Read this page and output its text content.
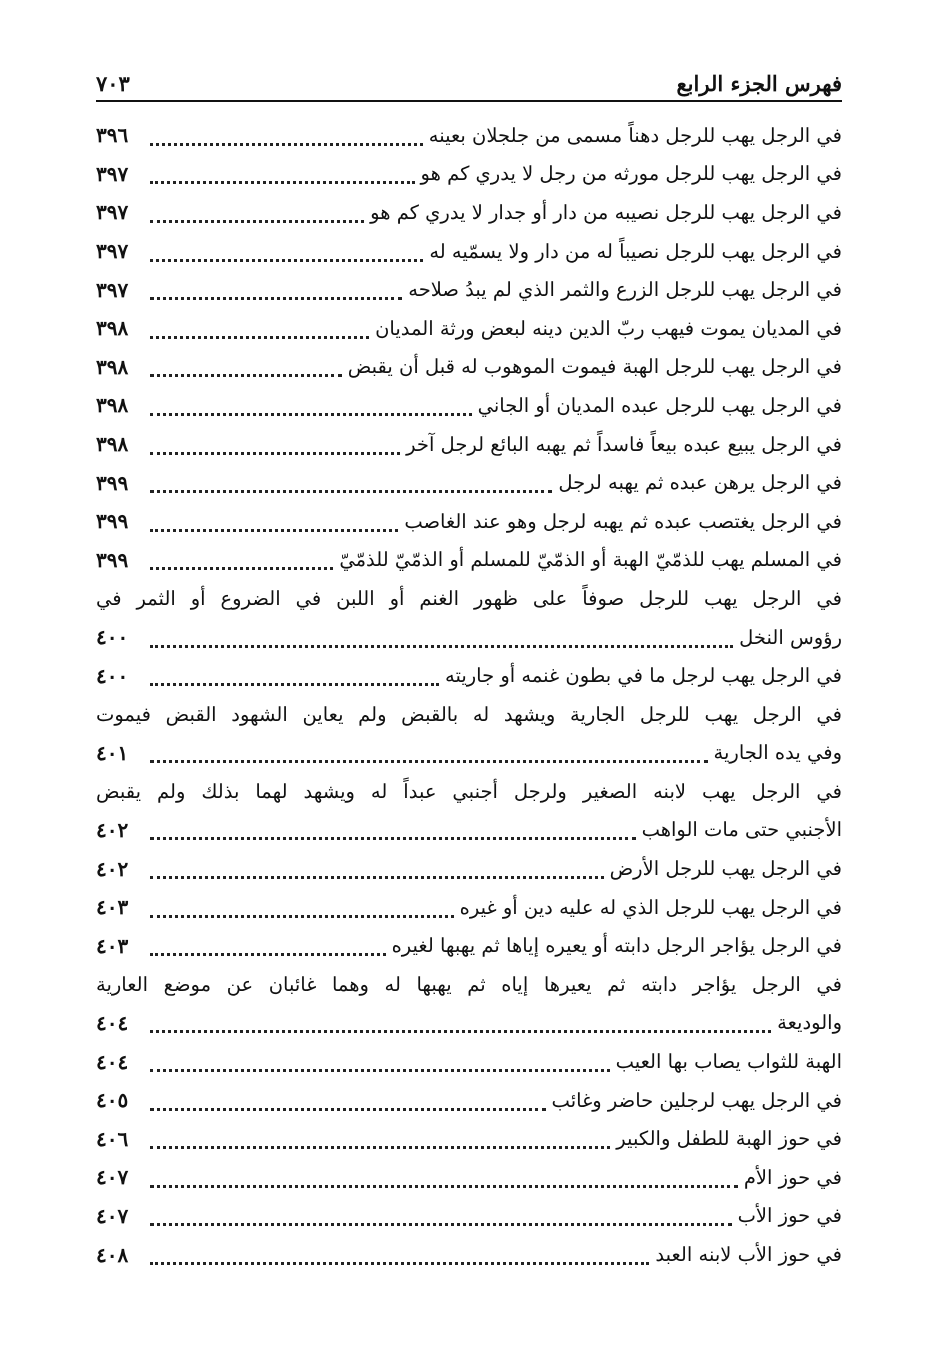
٧٠٣	فهرس الجزء الرابع
في الرجل يهب للرجل دهناً مسمى من جلجلان بعينه
٣٩٦
في الرجل يهب للرجل مورثه من رجل لا يدري كم هو
٣٩٧
في الرجل يهب للرجل نصيبه من دار أو جدار لا يدري كم هو
٣٩٧
في الرجل يهب للرجل نصيباً له من دار ولا يسمّيه له
٣٩٧
في الرجل يهب للرجل الزرع والثمر الذي لم يبدُ صلاحه
٣٩٧
في المديان يموت فيهب ربّ الدين دينه لبعض ورثة المديان
٣٩٨
في الرجل يهب للرجل الهبة فيموت الموهوب له قبل أن يقبض
٣٩٨
في الرجل يهب للرجل عبده المديان أو الجاني
٣٩٨
في الرجل يبيع عبده بيعاً فاسداً ثم يهبه البائع لرجل آخر
٣٩٨
في الرجل يرهن عبده ثم يهبه لرجل
٣٩٩
في الرجل يغتصب عبده ثم يهبه لرجل وهو عند الغاصب
٣٩٩
في المسلم يهب للذمّيّ الهبة أو الذمّيّ للمسلم أو الذمّيّ للذمّيّ
٣٩٩
في الرجل يهب للرجل صوفاً على ظهور الغنم أو اللبن في الضروع أو الثمر في
رؤوس النخل
٤٠٠
في الرجل يهب لرجل ما في بطون غنمه أو جاريته
٤٠٠
في الرجل يهب للرجل الجارية ويشهد له بالقبض ولم يعاين الشهود القبض فيموت
وفي يده الجارية
٤٠١
في الرجل يهب لابنه الصغير ولرجل أجنبي عبداً له ويشهد لهما بذلك ولم يقبض
الأجنبي حتى مات الواهب
٤٠٢
في الرجل يهب للرجل الأرض
٤٠٢
في الرجل يهب للرجل الذي له عليه دين أو غيره
٤٠٣
في الرجل يؤاجر الرجل دابته أو يعيره إياها ثم يهبها لغيره
٤٠٣
في الرجل يؤاجر دابته ثم يعيرها إياه ثم يهبها له وهما غائبان عن موضع العارية
والوديعة
٤٠٤
الهبة للثواب يصاب بها العيب
٤٠٤
في الرجل يهب لرجلين حاضر وغائب
٤٠٥
في حوز الهبة للطفل والكبير
٤٠٦
في حوز الأم
٤٠٧
في حوز الأب
٤٠٧
في حوز الأب لابنه العبد
٤٠٨
